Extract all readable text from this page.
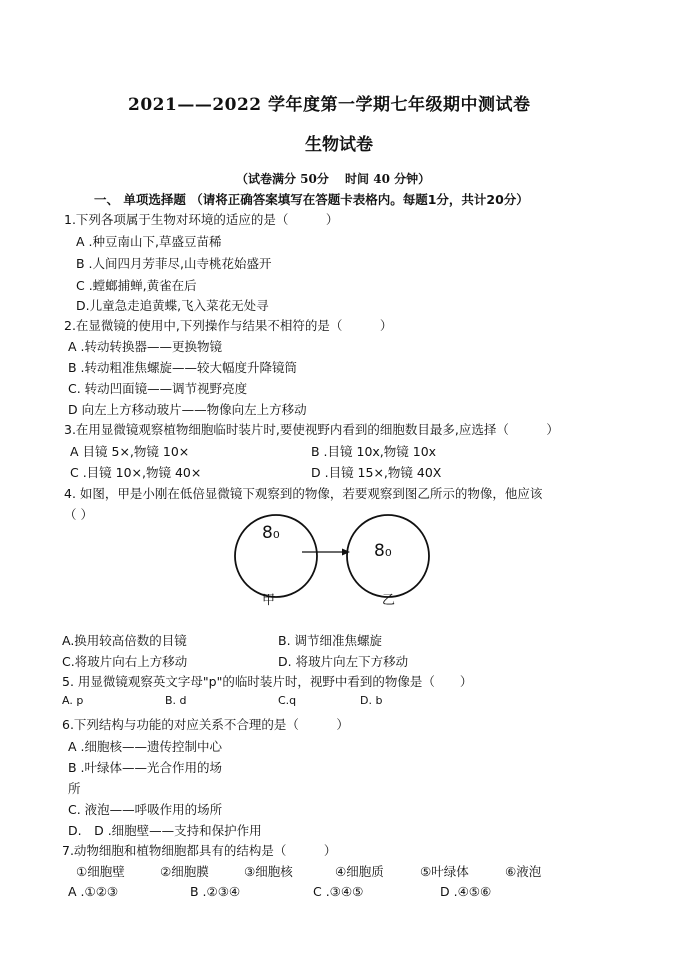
2021——2022 学年度第一学期七年级期中测试卷
生物试卷
（试卷满分 50分　 时间 40 分钟）
一、 单项选择题 （请将正确答案填写在答题卡表格内。每题1分，共计20分）
1.下列各项属于生物对环境的适应的是（　　　）
A .种豆南山下,草盛豆苗稀
B .人间四月芳菲尽,山寺桃花始盛开
C .螳螂捕蝉,黄雀在后
D.儿童急走追黄蝶,飞入菜花无处寻
2.在显微镜的使用中,下列操作与结果不相符的是（　　　）
A .转动转换器——更换物镜
B .转动粗准焦螺旋——较大幅度升降镜筒
C. 转动凹面镜——调节视野亮度
D 向左上方移动玻片——物像向左上方移动
3.在用显微镜观察植物细胞临时装片时,要使视野内看到的细胞数目最多,应选择（　　　）
A 目镜 5×,物镜 10×	B .目镜 10x,物镜 10x
C .目镜 10×,物镜 40×	D .目镜 15×,物镜 40X
4. 如图，甲是小刚在低倍显微镜下观察到的物像，若要观察到图乙所示的物像，他应该
（ ）
8₀
8₀
甲	乙
A.换用较高倍数的目镜	B. 调节细准焦螺旋
C.将玻片向右上方移动	D. 将玻片向左下方移动
5. 用显微镜观察英文字母"p"的临时装片时，视野中看到的物像是（　　）
A. p	B. d	C.q	D. b
6.下列结构与功能的对应关系不合理的是（　　　）
A .细胞核——遗传控制中心
B .叶绿体——光合作用的场
所
C. 液泡——呼吸作用的场所
D.　D .细胞壁——支持和保护作用
7.动物细胞和植物细胞都具有的结构是（　　　）
①细胞壁	②细胞膜	③细胞核	④细胞质	⑤叶绿体	⑥液泡
A .①②③	B .②③④	C .③④⑤	D .④⑤⑥
